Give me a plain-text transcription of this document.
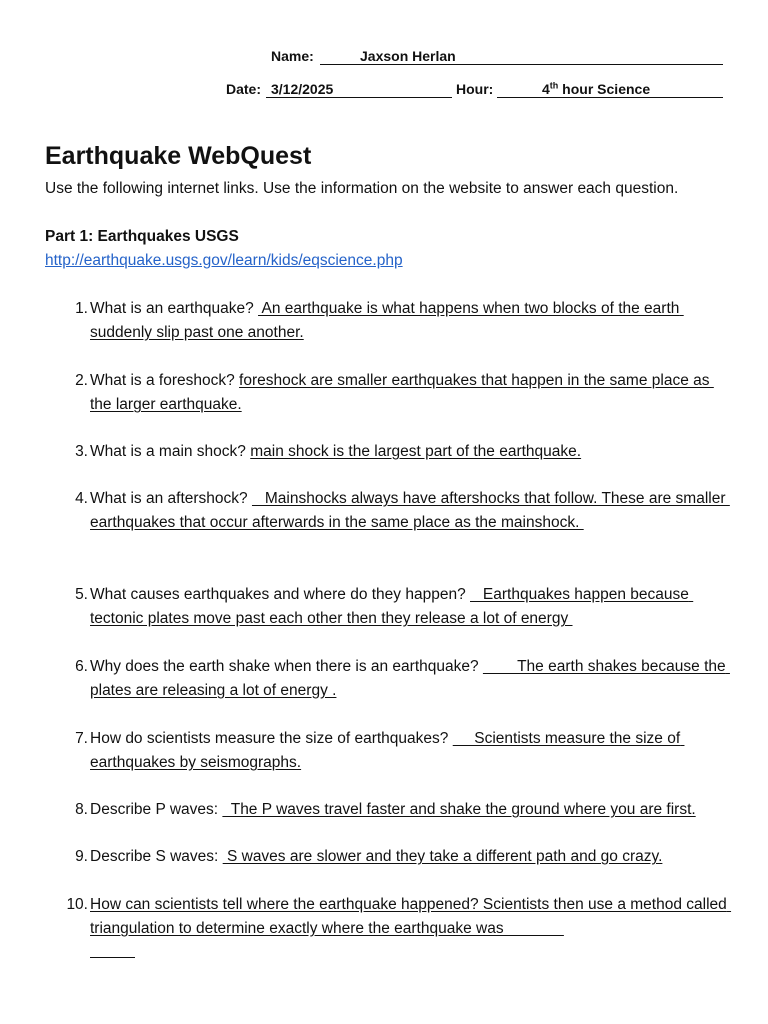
Name:	Jaxson Herlan
Date: 3/12/2025	Hour:	4th hour Science
Earthquake WebQuest
Use the following internet links. Use the information on the website to answer each question.
Part 1: Earthquakes USGS
http://earthquake.usgs.gov/learn/kids/eqscience.php
1. What is an earthquake?  An earthquake is what happens when two blocks of the earth suddenly slip past one another.
2. What is a foreshock? foreshock are smaller earthquakes that happen in the same place as the larger earthquake.
3. What is a main shock? main shock is the largest part of the earthquake.
4. What is an aftershock?    Mainshocks always have aftershocks that follow. These are smaller earthquakes that occur afterwards in the same place as the mainshock.
5. What causes earthquakes and where do they happen?    Earthquakes happen because tectonic plates move past each other then they release a lot of energy
6. Why does the earth shake when there is an earthquake?         The earth shakes because the plates are releasing a lot of energy .
7. How do scientists measure the size of earthquakes?      Scientists measure the size of earthquakes by seismographs.
8. Describe P waves:   The P waves travel faster and shake the ground where you are first.
9. Describe S waves:  S waves are slower and they take a different path and go crazy.
10. How can scientists tell where the earthquake happened? Scientists then use a method called triangulation to determine exactly where the earthquake was
